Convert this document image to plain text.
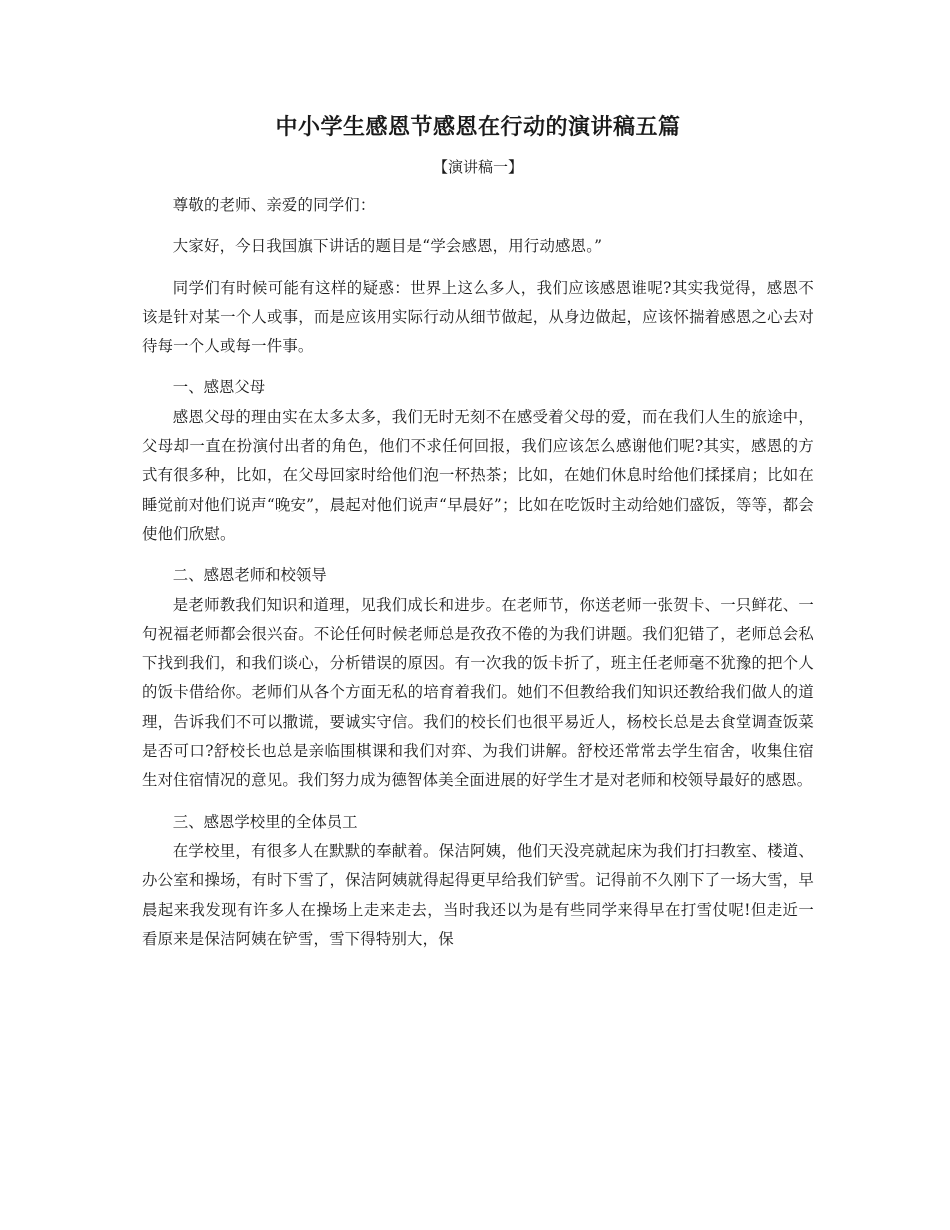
中小学生感恩节感恩在行动的演讲稿五篇
【演讲稿一】

尊敬的老师、亲爱的同学们：

大家好，今日我国旗下讲话的题目是“学会感恩，用行动感恩。”

同学们有时候可能有这样的疑惑：世界上这么多人，我们应该感恩谁呢?其实我觉得，感恩不该是针对某一个人或事，而是应该用实际行动从细节做起，从身边做起，应该怀揣着感恩之心去对待每一个人或每一件事。

一、感恩父母

感恩父母的理由实在太多太多，我们无时无刻不在感受着父母的爱，而在我们人生的旅途中，父母却一直在扮演付出者的角色，他们不求任何回报，我们应该怎么感谢他们呢?其实，感恩的方式有很多种，比如，在父母回家时给他们泡一杯热茶；比如，在她们休息时给他们揉揉肩；比如在睡觉前对他们说声“晚安”，晨起对他们说声“早晨好”；比如在吃饭时主动给她们盛饭，等等，都会使他们欣慰。

二、感恩老师和校领导

是老师教我们知识和道理，见我们成长和进步。在老师节，你送老师一张贺卡、一只鲜花、一句祝福老师都会很兴奋。不论任何时候老师总是孜孜不倦的为我们讲题。我们犯错了，老师总会私下找到我们，和我们谈心，分析错误的原因。有一次我的饭卡折了，班主任老师毫不犹豫的把个人的饭卡借给你。老师们从各个方面无私的培育着我们。她们不但教给我们知识还教给我们做人的道理，告诉我们不可以撒谎，要诚实守信。我们的校长们也很平易近人，杨校长总是去食堂调查饭菜是否可口?舒校长也总是亲临围棋课和我们对弈、为我们讲解。舒校还常常去学生宿舍，收集住宿生对住宿情况的意见。我们努力成为德智体美全面进展的好学生才是对老师和校领导最好的感恩。

三、感恩学校里的全体员工

在学校里，有很多人在默默的奉献着。保洁阿姨，他们天没亮就起床为我们打扫教室、楼道、办公室和操场，有时下雪了，保洁阿姨就得起得更早给我们铲雪。记得前不久刚下了一场大雪，早晨起来我发现有许多人在操场上走来走去，当时我还以为是有些同学来得早在打雪仗呢!但走近一看原来是保洁阿姨在铲雪，雪下得特别大，保
